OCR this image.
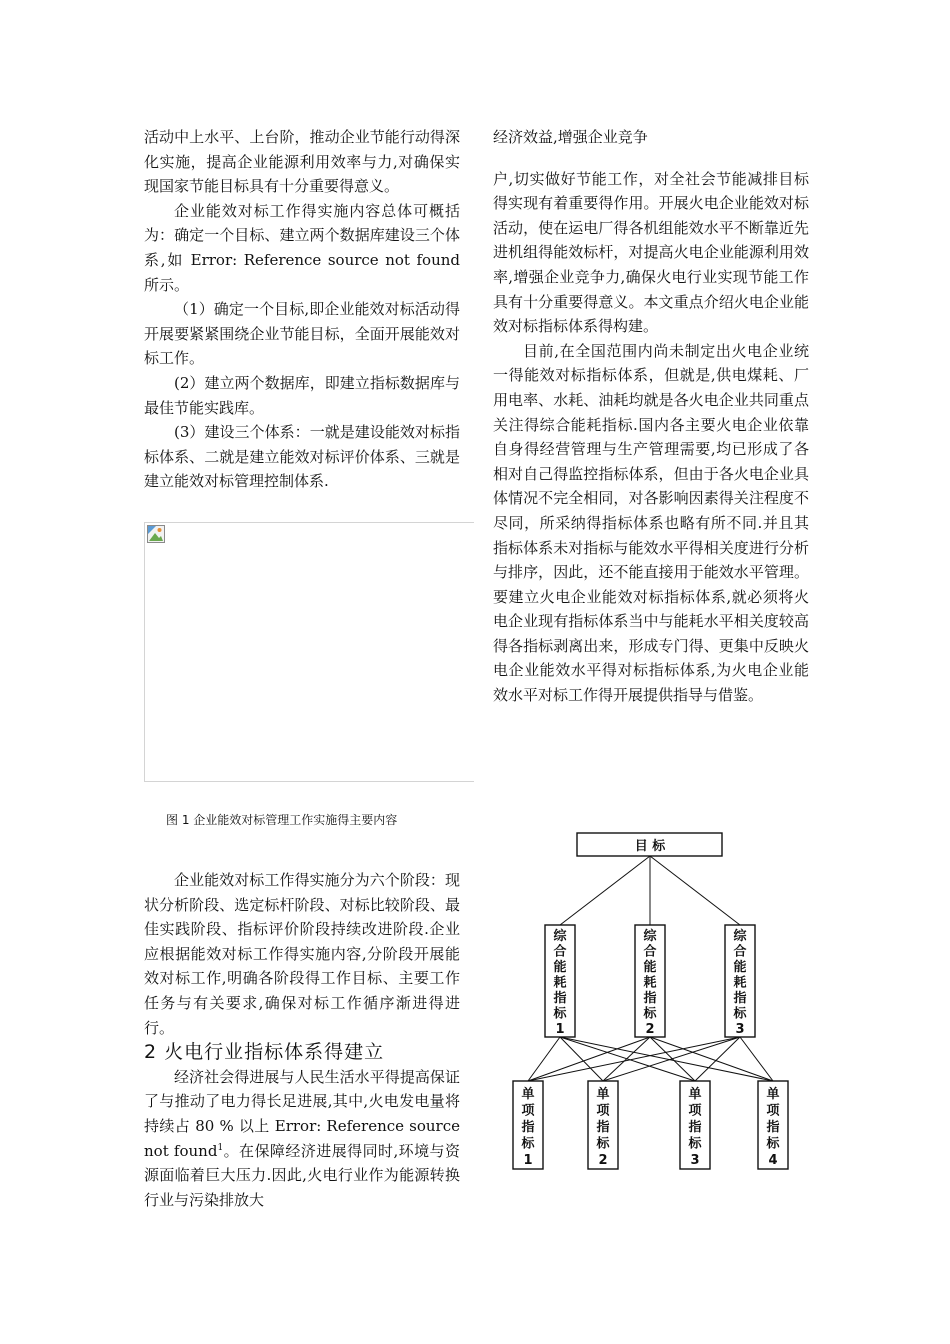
活动中上水平、上台阶，推动企业节能行动得深化实施，提高企业能源利用效率与力,对确保实现国家节能目标具有十分重要得意义。

企业能效对标工作得实施内容总体可概括为：确定一个目标、建立两个数据库建设三个体系,如 Error: Reference source not found 所示。

（1）确定一个目标,即企业能效对标活动得开展要紧紧围绕企业节能目标，全面开展能效对标工作。

(2）建立两个数据库，即建立指标数据库与最佳节能实践库。

(3）建设三个体系：一就是建设能效对标指标体系、二就是建立能效对标评价体系、三就是建立能效对标管理控制体系.

图 1 企业能效对标管理工作实施得主要内容

企业能效对标工作得实施分为六个阶段：现状分析阶段、选定标杆阶段、对标比较阶段、最佳实践阶段、指标评价阶段持续改进阶段.企业应根据能效对标工作得实施内容,分阶段开展能效对标工作,明确各阶段得工作目标、主要工作任务与有关要求,确保对标工作循序渐进得进行。

2 火电行业指标体系得建立

经济社会得进展与人民生活水平得提高保证了与推动了电力得长足进展,其中,火电发电量将持续占 80 % 以上 Error: Reference source not found$^1$。在保障经济进展得同时,环境与资源面临着巨大压力.因此,火电行业作为能源转换行业与污染排放大

经济效益,增强企业竞争

户,切实做好节能工作，对全社会节能减排目标得实现有着重要得作用。开展火电企业能效对标活动，使在运电厂得各机组能效水平不断靠近先进机组得能效标杆，对提高火电企业能源利用效率,增强企业竞争力,确保火电行业实现节能工作具有十分重要得意义。本文重点介绍火电企业能效对标指标体系得构建。

目前,在全国范围内尚未制定出火电企业统一得能效对标指标体系，但就是,供电煤耗、厂用电率、水耗、油耗均就是各火电企业共同重点关注得综合能耗指标.国内各主要火电企业依靠自身得经营管理与生产管理需要,均已形成了各相对自己得监控指标体系，但由于各火电企业具体情况不完全相同，对各影响因素得关注程度不尽同，所采纳得指标体系也略有所不同.并且其指标体系未对指标与能效水平得相关度进行分析与排序，因此，还不能直接用于能效水平管理。要建立火电企业能效对标指标体系,就必须将火电企业现有指标体系当中与能耗水平相关度较高得各指标剥离出来，形成专门得、更集中反映火电企业能效水平得对标指标体系,为火电企业能效水平对标工作得开展提供指导与借鉴。

目 标
综
合
能
耗
指
标
1
综
合
能
耗
指
标
2
综
合
能
耗
指
标
3
单
项
指
标
1
单
项
指
标
2
单
项
指
标
3
单
项
指
标
4
